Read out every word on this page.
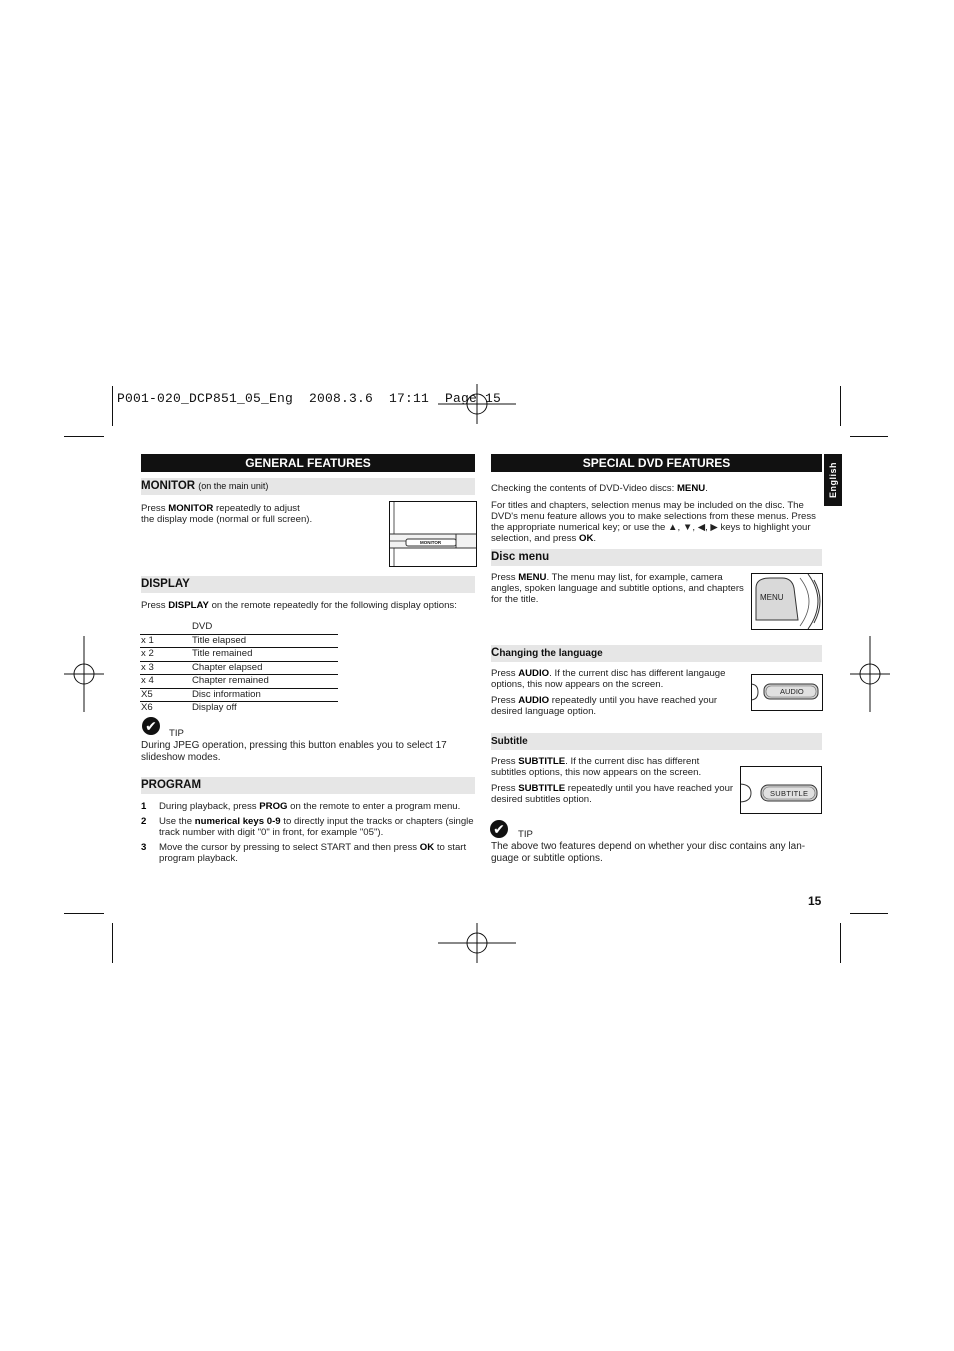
P001-020_DCP851_05_Eng  2008.3.6  17:11  Page 15
English
GENERAL FEATURES
MONITOR (on the main unit)
Press MONITOR repeatedly to adjust
the display mode (normal or full screen).
MONITOR
DISPLAY
Press DISPLAY on the remote repeatedly for the following display options:
	DVD
x 1	Title elapsed
x 2	Title remained
x 3	Chapter elapsed
x 4	Chapter remained
X5	Disc information
X6	Display off
✔	TIP
During JPEG operation, pressing this button enables you to select 17 slideshow modes.
PROGRAM
1 During playback, press PROG on the remote to enter a program menu.
2 Use the numerical keys 0-9 to directly input the tracks or chapters (single track number with digit "0" in front, for example "05").
3 Move the cursor by pressing to select START and then press OK to start program playback.
SPECIAL DVD FEATURES
Checking the contents of DVD-Video discs: MENU.
For titles and chapters, selection menus may be included on the disc. The DVD's menu feature allows you to make selections from these menus. Press the appropriate numerical key; or use the ▲, ▼, ◀, ▶ keys to highlight your selection, and press OK.
Disc menu
Press MENU. The menu may list, for example, camera angles, spoken language and subtitle options, and chapters for the title.	MENU
Changing the language
Press AUDIO. If the current disc has different langauge options, this now appears on the screen.
Press AUDIO repeatedly until you have reached your desired language option.
AUDIO
Subtitle
Press SUBTITLE. If the current disc has different subtitles options, this now appears on the screen.
Press SUBTITLE repeatedly until you have reached your desired subtitles option.
SUBTITLE
✔	TIP
The above two features depend on whether your disc contains any lan-guage or subtitle options.
15
